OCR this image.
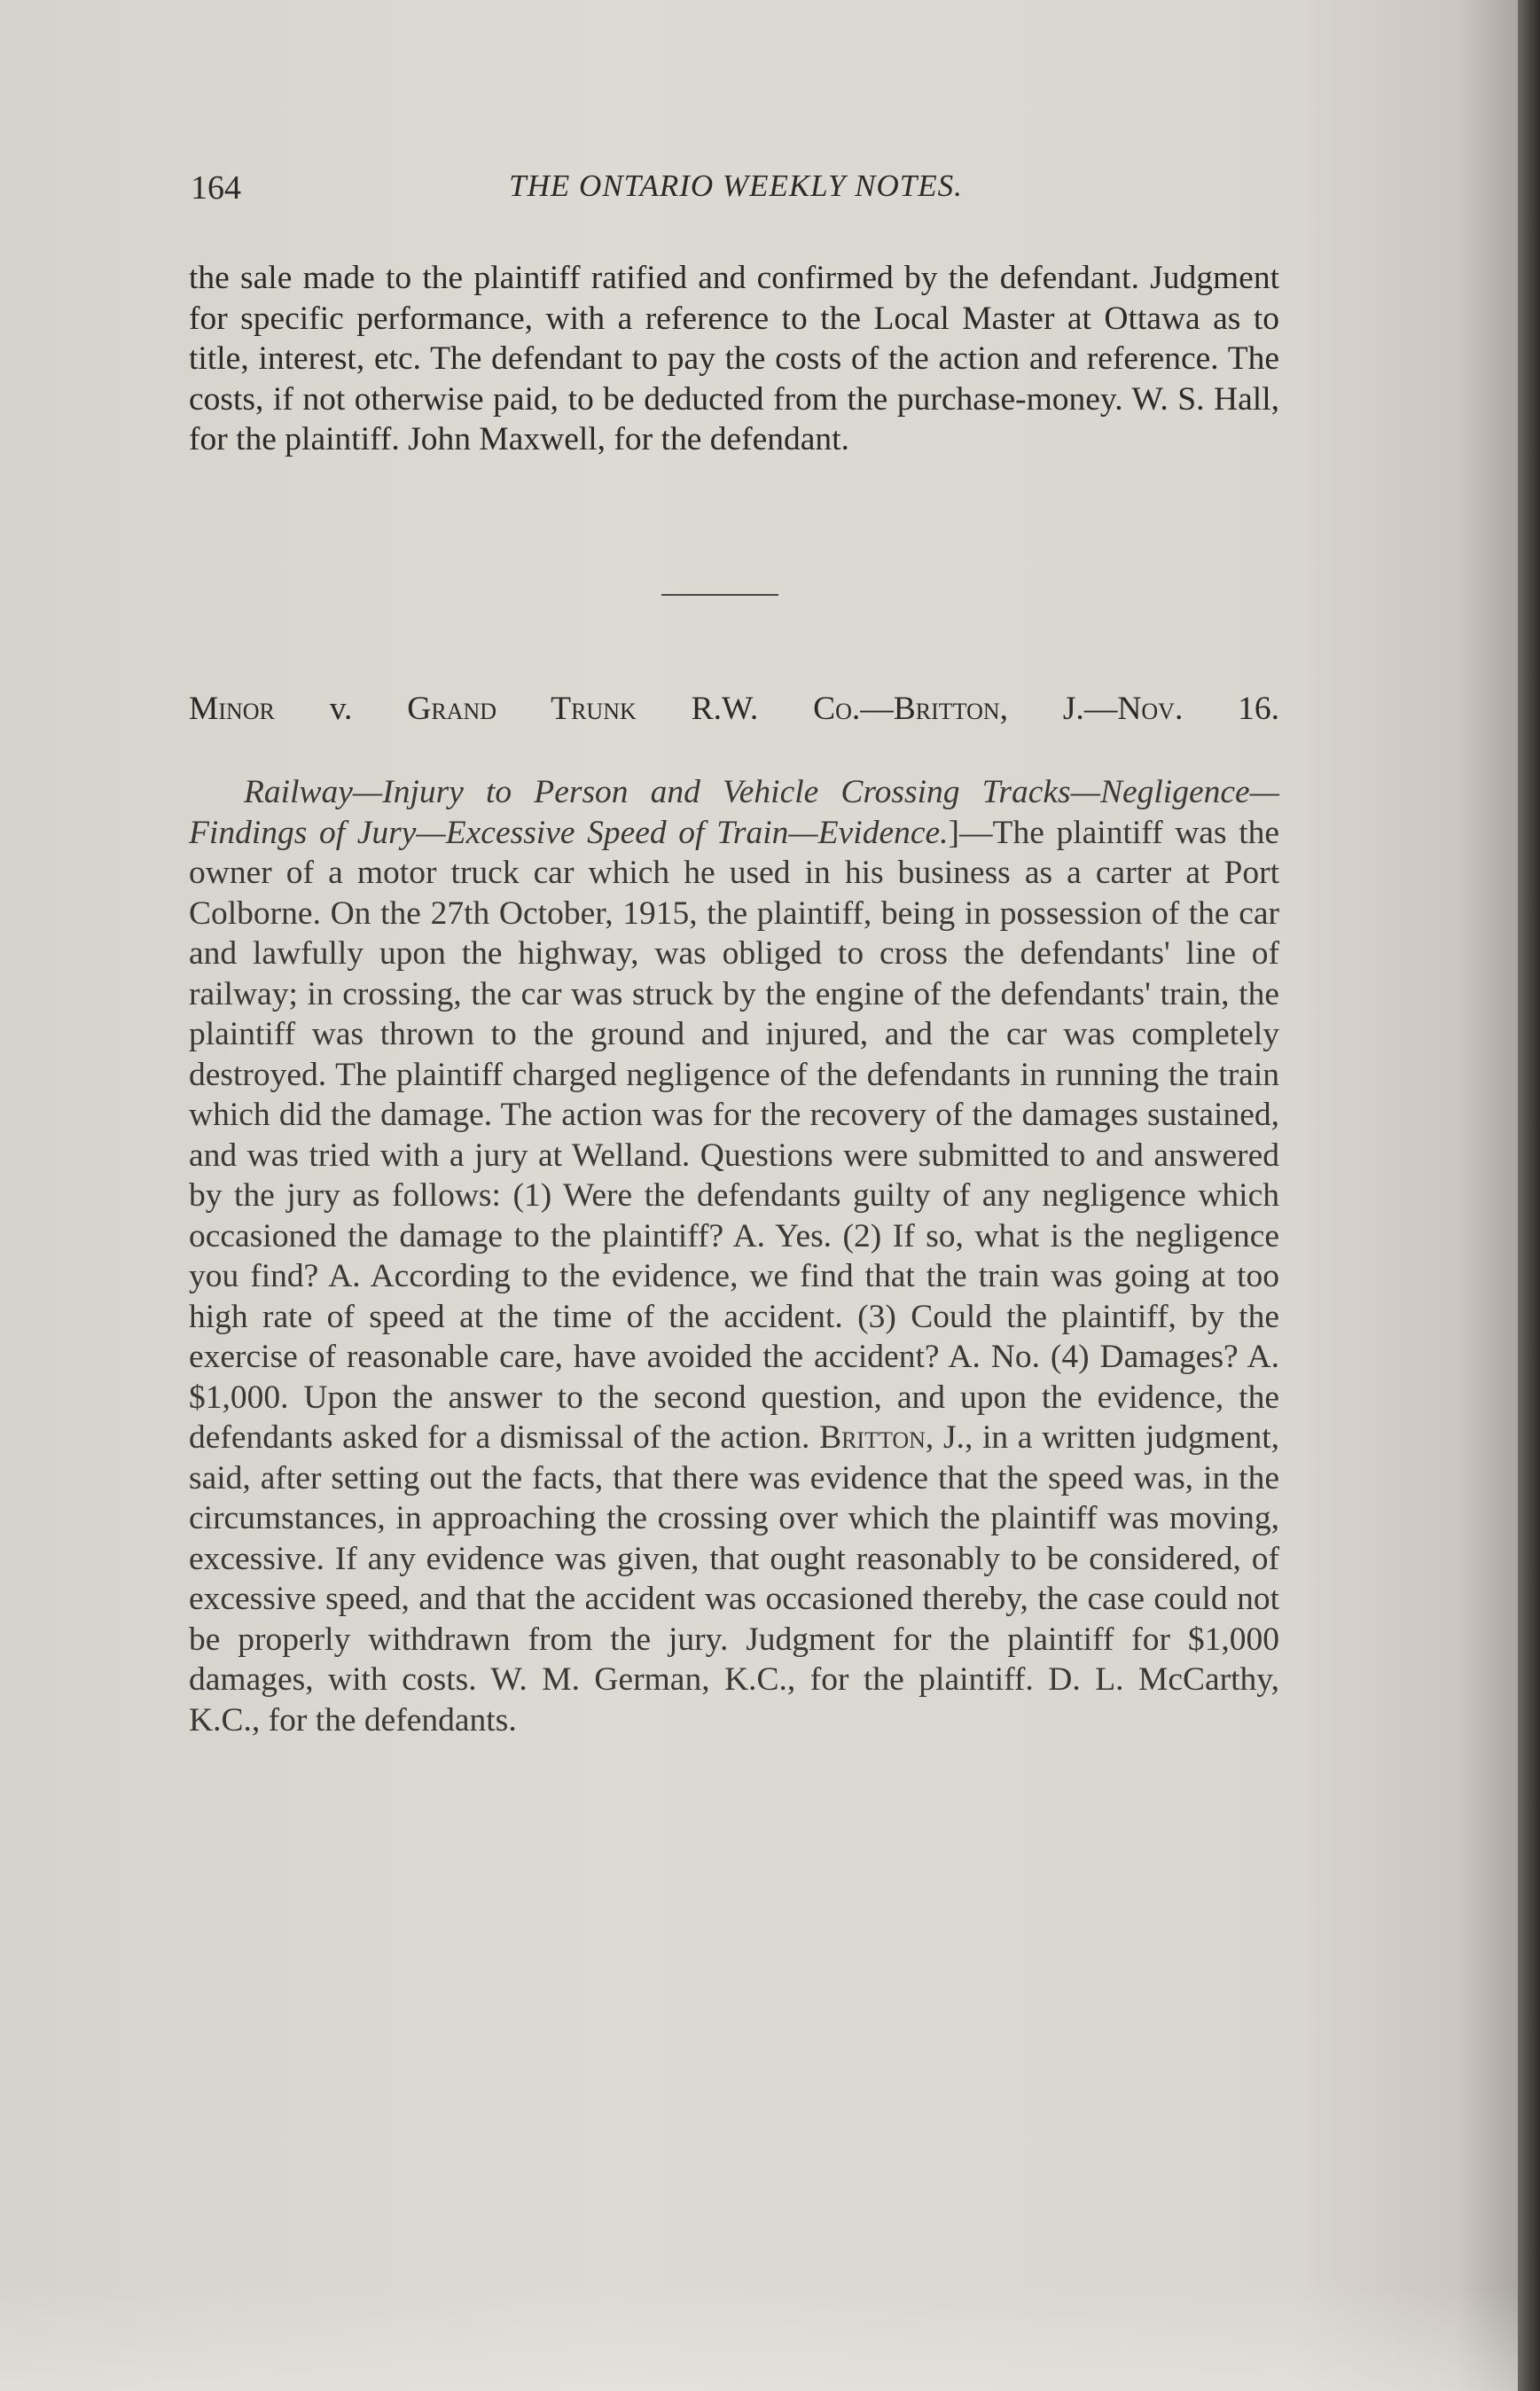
164	THE ONTARIO WEEKLY NOTES.

the sale made to the plaintiff ratified and confirmed by the defendant. Judgment for specific performance, with a reference to the Local Master at Ottawa as to title, interest, etc. The defendant to pay the costs of the action and reference. The costs, if not otherwise paid, to be deducted from the purchase-money. W. S. Hall, for the plaintiff. John Maxwell, for the defendant.

Minor v. Grand Trunk R.W. Co.—Britton, J.—Nov. 16.

Railway—Injury to Person and Vehicle Crossing Tracks—Negligence—Findings of Jury—Excessive Speed of Train—Evidence.]—The plaintiff was the owner of a motor truck car which he used in his business as a carter at Port Colborne. On the 27th October, 1915, the plaintiff, being in possession of the car and lawfully upon the highway, was obliged to cross the defendants' line of railway; in crossing, the car was struck by the engine of the defendants' train, the plaintiff was thrown to the ground and injured, and the car was completely destroyed. The plaintiff charged negligence of the defendants in running the train which did the damage. The action was for the recovery of the damages sustained, and was tried with a jury at Welland. Questions were submitted to and answered by the jury as follows: (1) Were the defendants guilty of any negligence which occasioned the damage to the plaintiff? A. Yes. (2) If so, what is the negligence you find? A. According to the evidence, we find that the train was going at too high rate of speed at the time of the accident. (3) Could the plaintiff, by the exercise of reasonable care, have avoided the accident? A. No. (4) Damages? A. $1,000. Upon the answer to the second question, and upon the evidence, the defendants asked for a dismissal of the action. Britton, J., in a written judgment, said, after setting out the facts, that there was evidence that the speed was, in the circumstances, in approaching the crossing over which the plaintiff was moving, excessive. If any evidence was given, that ought reasonably to be considered, of excessive speed, and that the accident was occasioned thereby, the case could not be properly withdrawn from the jury. Judgment for the plaintiff for $1,000 damages, with costs. W. M. German, K.C., for the plaintiff. D. L. McCarthy, K.C., for the defendants.
